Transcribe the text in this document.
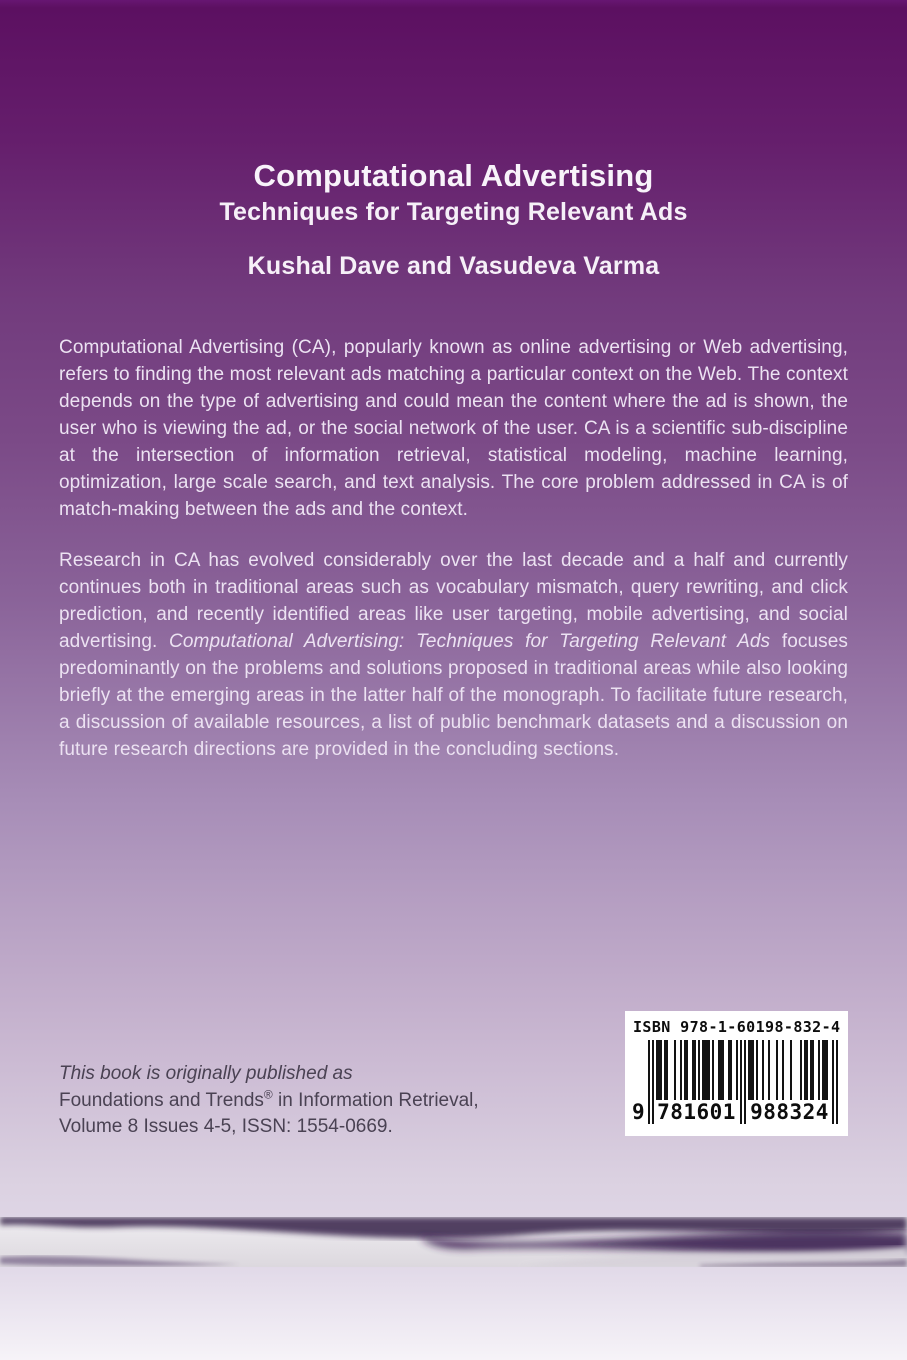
Computational Advertising
Techniques for Targeting Relevant Ads
Kushal Dave and Vasudeva Varma
Computational Advertising (CA), popularly known as online advertising or Web advertising, refers to finding the most relevant ads matching a particular context on the Web. The context depends on the type of advertising and could mean the content where the ad is shown, the user who is viewing the ad, or the social network of the user. CA is a scientific sub-discipline at the intersection of information retrieval, statistical modeling, machine learning, optimization, large scale search, and text analysis. The core problem addressed in CA is of match-making between the ads and the context.
Research in CA has evolved considerably over the last decade and a half and currently continues both in traditional areas such as vocabulary mismatch, query rewriting, and click prediction, and recently identified areas like user targeting, mobile advertising, and social advertising. Computational Advertising: Techniques for Targeting Relevant Ads focuses predominantly on the problems and solutions proposed in traditional areas while also looking briefly at the emerging areas in the latter half of the monograph. To facilitate future research, a discussion of available resources, a list of public benchmark datasets and a discussion on future research directions are provided in the concluding sections.
This book is originally published as
Foundations and Trends® in Information Retrieval,
Volume 8 Issues 4-5, ISSN: 1554-0669.
ISBN 978-1-60198-832-4
9 781601 988324
